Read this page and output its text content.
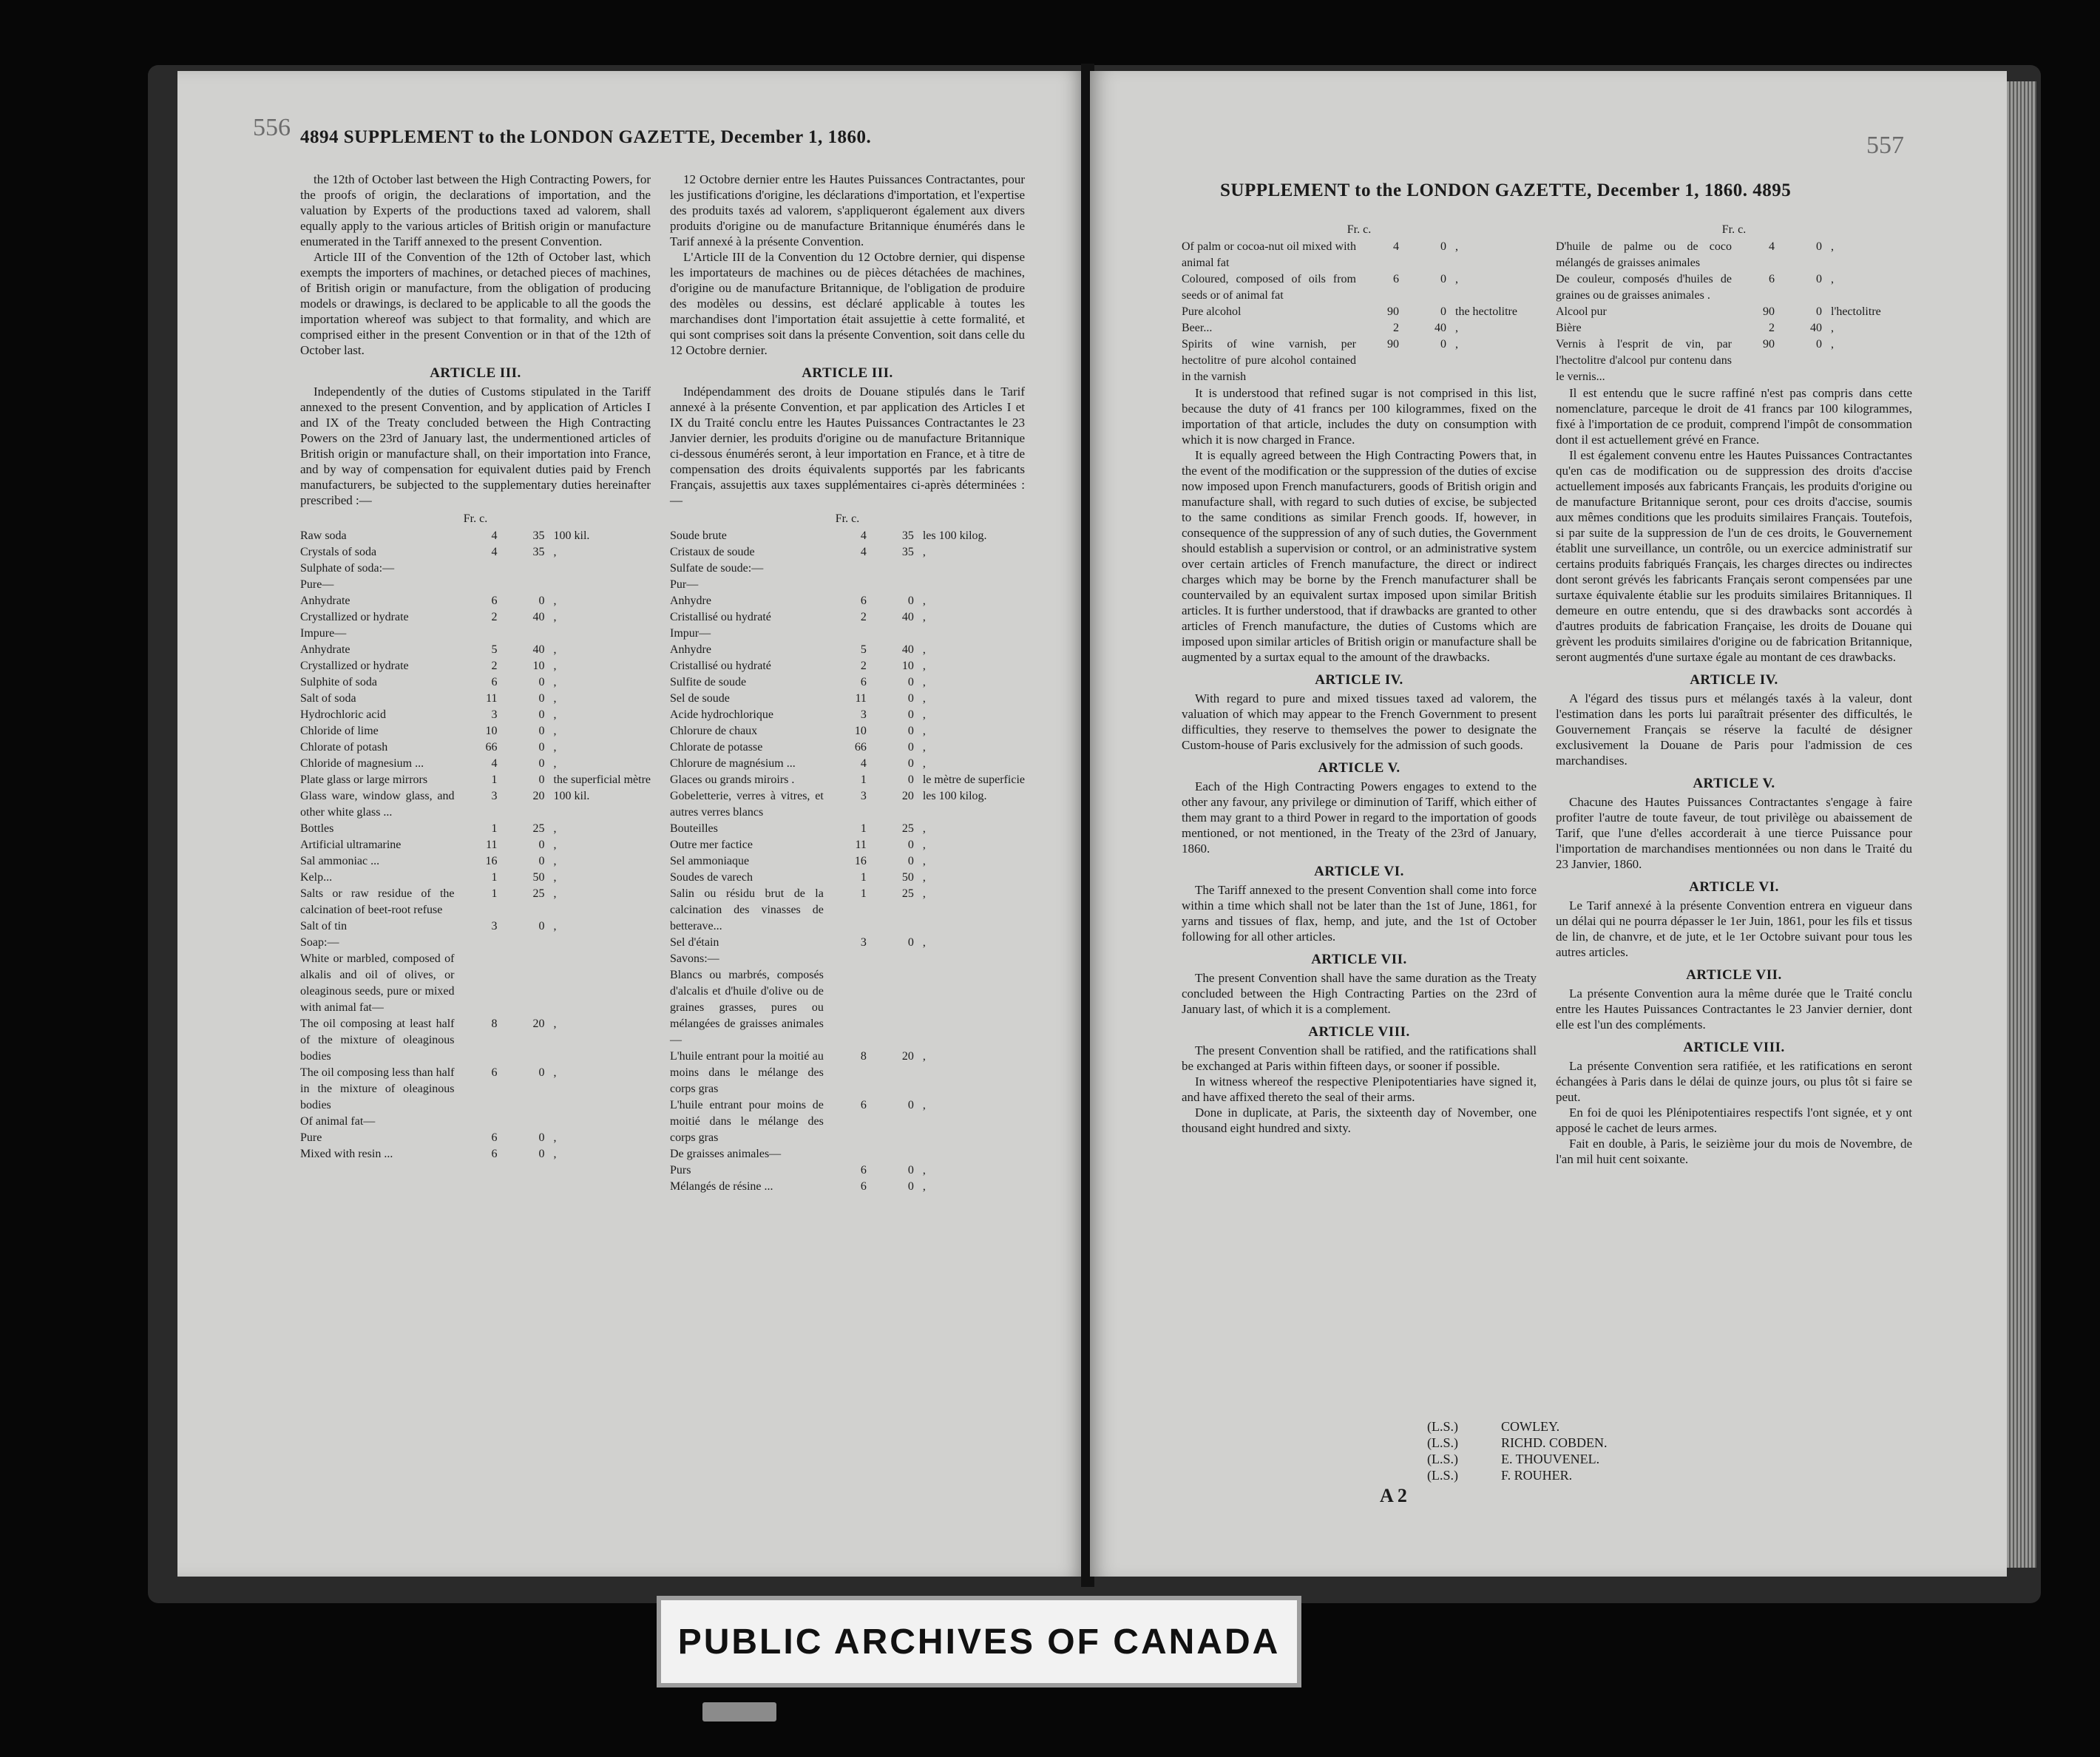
556 4894 SUPPLEMENT to the LONDON GAZETTE, December 1, 1860.

the 12th of October last between the High Contracting Powers, for the proofs of origin, the declarations of importation, and the valuation by Experts of the productions taxed ad valorem, shall equally apply to the various articles of British origin or manufacture enumerated in the Tariff annexed to the present Convention.

Article III of the Convention of the 12th of October last, which exempts the importers of machines, or detached pieces of machines, of British origin or manufacture, from the obligation of producing models or drawings, is declared to be applicable to all the goods the importation whereof was subject to that formality, and which are comprised either in the present Convention or in that of the 12th of October last.

ARTICLE III.

Independently of the duties of Customs stipulated in the Tariff annexed to the present Convention, and by application of Articles I and IX of the Treaty concluded between the High Contracting Powers on the 23rd of January last, the undermentioned articles of British origin or manufacture shall, on their importation into France, and by way of compensation for equivalent duties paid by French manufacturers, be subjected to the supplementary duties hereinafter prescribed :—

Fr. c.
Raw soda	4	35	100 kil.
Crystals of soda	4	35	,
Sulphate of soda:—			
Pure—			
Anhydrate	6	0	,
Crystallized or hydrate	2	40	,
Impure—			
Anhydrate	5	40	,
Crystallized or hydrate	2	10	,
Sulphite of soda	6	0	,
Salt of soda	11	0	,
Hydrochloric acid	3	0	,
Chloride of lime	10	0	,
Chlorate of potash	66	0	,
Chloride of magnesium ...	4	0	,
Plate glass or large mirrors	1	0	the superficial mètre
Glass ware, window glass, and other white glass ...	3	20	100 kil.
Bottles	1	25	,
Artificial ultramarine	11	0	,
Sal ammoniac ...	16	0	,
Kelp...	1	50	,
Salts or raw residue of the calcination of beet-root refuse	1	25	,
Salt of tin	3	0	,
Soap:—			
White or marbled, composed of alkalis and oil of olives, or oleaginous seeds, pure or mixed with animal fat—			
The oil composing at least half of the mixture of oleaginous bodies	8	20	,
The oil composing less than half in the mixture of oleaginous bodies	6	0	,
Of animal fat—			
Pure	6	0	,
Mixed with resin ...	6	0	,

12 Octobre dernier entre les Hautes Puissances Contractantes, pour les justifications d'origine, les déclarations d'importation, et l'expertise des produits taxés ad valorem, s'appliqueront également aux divers produits d'origine ou de manufacture Britannique énumérés dans le Tarif annexé à la présente Convention.

L'Article III de la Convention du 12 Octobre dernier, qui dispense les importateurs de machines ou de pièces détachées de machines, d'origine ou de manufacture Britannique, de l'obligation de produire des modèles ou dessins, est déclaré applicable à toutes les marchandises dont l'importation était assujettie à cette formalité, et qui sont comprises soit dans la présente Convention, soit dans celle du 12 Octobre dernier.

ARTICLE III.

Indépendamment des droits de Douane stipulés dans le Tarif annexé à la présente Convention, et par application des Articles I et IX du Traité conclu entre les Hautes Puissances Contractantes le 23 Janvier dernier, les produits d'origine ou de manufacture Britannique ci-dessous énumérés seront, à leur importation en France, et à titre de compensation des droits équivalents supportés par les fabricants Français, assujettis aux taxes supplémentaires ci-après déterminées :—

Fr. c.
Soude brute	4	35	les 100 kilog.
Cristaux de soude	4	35	,
Sulfate de soude:—			
Pur—			
Anhydre	6	0	,
Cristallisé ou hydraté	2	40	,
Impur—			
Anhydre	5	40	,
Cristallisé ou hydraté	2	10	,
Sulfite de soude	6	0	,
Sel de soude	11	0	,
Acide hydrochlorique	3	0	,
Chlorure de chaux	10	0	,
Chlorate de potasse	66	0	,
Chlorure de magnésium ...	4	0	,
Glaces ou grands miroirs .	1	0	le mètre de superficie
Gobeletterie, verres à vitres, et autres verres blancs	3	20	les 100 kilog.
Bouteilles	1	25	,
Outre mer factice	11	0	,
Sel ammoniaque	16	0	,
Soudes de varech	1	50	,
Salin ou résidu brut de la calcination des vinasses de betterave...	1	25	,
Sel d'étain	3	0	,
Savons:—			
Blancs ou marbrés, composés d'alcalis et d'huile d'olive ou de graines grasses, pures ou mélangées de graisses animales—			
L'huile entrant pour la moitié au moins dans le mélange des corps gras	8	20	,
L'huile entrant pour moins de moitié dans le mélange des corps gras	6	0	,
De graisses animales—			
Purs	6	0	,
Mélangés de résine ...	6	0	,
557
SUPPLEMENT to the LONDON GAZETTE, December 1, 1860. 4895
Fr. c.
Of palm or cocoa-nut oil mixed with animal fat	4	0	,
Coloured, composed of oils from seeds or of animal fat	6	0	,
Pure alcohol	90	0	the hectolitre
Beer...	2	40	,
Spirits of wine varnish, per hectolitre of pure alcohol contained in the varnish	90	0	,

It is understood that refined sugar is not comprised in this list, because the duty of 41 francs per 100 kilogrammes, fixed on the importation of that article, includes the duty on consumption with which it is now charged in France.

It is equally agreed between the High Contracting Powers that, in the event of the modification or the suppression of the duties of excise now imposed upon French manufacturers, goods of British origin and manufacture shall, with regard to such duties of excise, be subjected to the same conditions as similar French goods. If, however, in consequence of the suppression of any of such duties, the Government should establish a supervision or control, or an administrative system over certain articles of French manufacture, the direct or indirect charges which may be borne by the French manufacturer shall be countervailed by an equivalent surtax imposed upon similar British articles. It is further understood, that if drawbacks are granted to other articles of French manufacture, the duties of Customs which are imposed upon similar articles of British origin or manufacture shall be augmented by a surtax equal to the amount of the drawbacks.

ARTICLE IV.

With regard to pure and mixed tissues taxed ad valorem, the valuation of which may appear to the French Government to present difficulties, they reserve to themselves the power to designate the Custom-house of Paris exclusively for the admission of such goods.

ARTICLE V.

Each of the High Contracting Powers engages to extend to the other any favour, any privilege or diminution of Tariff, which either of them may grant to a third Power in regard to the importation of goods mentioned, or not mentioned, in the Treaty of the 23rd of January, 1860.

ARTICLE VI.

The Tariff annexed to the present Convention shall come into force within a time which shall not be later than the 1st of June, 1861, for yarns and tissues of flax, hemp, and jute, and the 1st of October following for all other articles.

ARTICLE VII.

The present Convention shall have the same duration as the Treaty concluded between the High Contracting Parties on the 23rd of January last, of which it is a complement.

ARTICLE VIII.

The present Convention shall be ratified, and the ratifications shall be exchanged at Paris within fifteen days, or sooner if possible.

In witness whereof the respective Plenipotentiaries have signed it, and have affixed thereto the seal of their arms.

Done in duplicate, at Paris, the sixteenth day of November, one thousand eight hundred and sixty.

Fr. c.
D'huile de palme ou de coco mélangés de graisses animales	4	0	,
De couleur, composés d'huiles de graines ou de graisses animales .	6	0	,
Alcool pur	90	0	l'hectolitre
Bière	2	40	,
Vernis à l'esprit de vin, par l'hectolitre d'alcool pur contenu dans le vernis...	90	0	,

Il est entendu que le sucre raffiné n'est pas compris dans cette nomenclature, parceque le droit de 41 francs par 100 kilogrammes, fixé à l'importation de ce produit, comprend l'impôt de consommation dont il est actuellement grévé en France.

Il est également convenu entre les Hautes Puissances Contractantes qu'en cas de modification ou de suppression des droits d'accise actuellement imposés aux fabricants Français, les produits d'origine ou de manufacture Britannique seront, pour ces droits d'accise, soumis aux mêmes conditions que les produits similaires Français. Toutefois, si par suite de la suppression de l'un de ces droits, le Gouvernement établit une surveillance, un contrôle, ou un exercice administratif sur certains produits fabriqués Français, les charges directes ou indirectes dont seront grévés les fabricants Français seront compensées par une surtaxe équivalente établie sur les produits similaires Britanniques. Il demeure en outre entendu, que si des drawbacks sont accordés à d'autres produits de fabrication Française, les droits de Douane qui grèvent les produits similaires d'origine ou de fabrication Britannique, seront augmentés d'une surtaxe égale au montant de ces drawbacks.

ARTICLE IV.

A l'égard des tissus purs et mélangés taxés à la valeur, dont l'estimation dans les ports lui paraîtrait présenter des difficultés, le Gouvernement Français se réserve la faculté de désigner exclusivement la Douane de Paris pour l'admission de ces marchandises.

ARTICLE V.

Chacune des Hautes Puissances Contractantes s'engage à faire profiter l'autre de toute faveur, de tout privilège ou abaissement de Tarif, que l'une d'elles accorderait à une tierce Puissance pour l'importation de marchandises mentionnées ou non dans le Traité du 23 Janvier, 1860.

ARTICLE VI.

Le Tarif annexé à la présente Convention entrera en vigueur dans un délai qui ne pourra dépasser le 1er Juin, 1861, pour les fils et tissus de lin, de chanvre, et de jute, et le 1er Octobre suivant pour tous les autres articles.

ARTICLE VII.

La présente Convention aura la même durée que le Traité conclu entre les Hautes Puissances Contractantes le 23 Janvier dernier, dont elle est l'un des compléments.

ARTICLE VIII.

La présente Convention sera ratifiée, et les ratifications en seront échangées à Paris dans le délai de quinze jours, ou plus tôt si faire se peut.

En foi de quoi les Plénipotentiaires respectifs l'ont signée, et y ont apposé le cachet de leurs armes.

Fait en double, à Paris, le seizième jour du mois de Novembre, de l'an mil huit cent soixante.

(L.S.)	COWLEY.
(L.S.)	RICHD. COBDEN.
(L.S.)	E. THOUVENEL.
(L.S.)	F. ROUHER.
A 2
PUBLIC ARCHIVES OF CANADA
